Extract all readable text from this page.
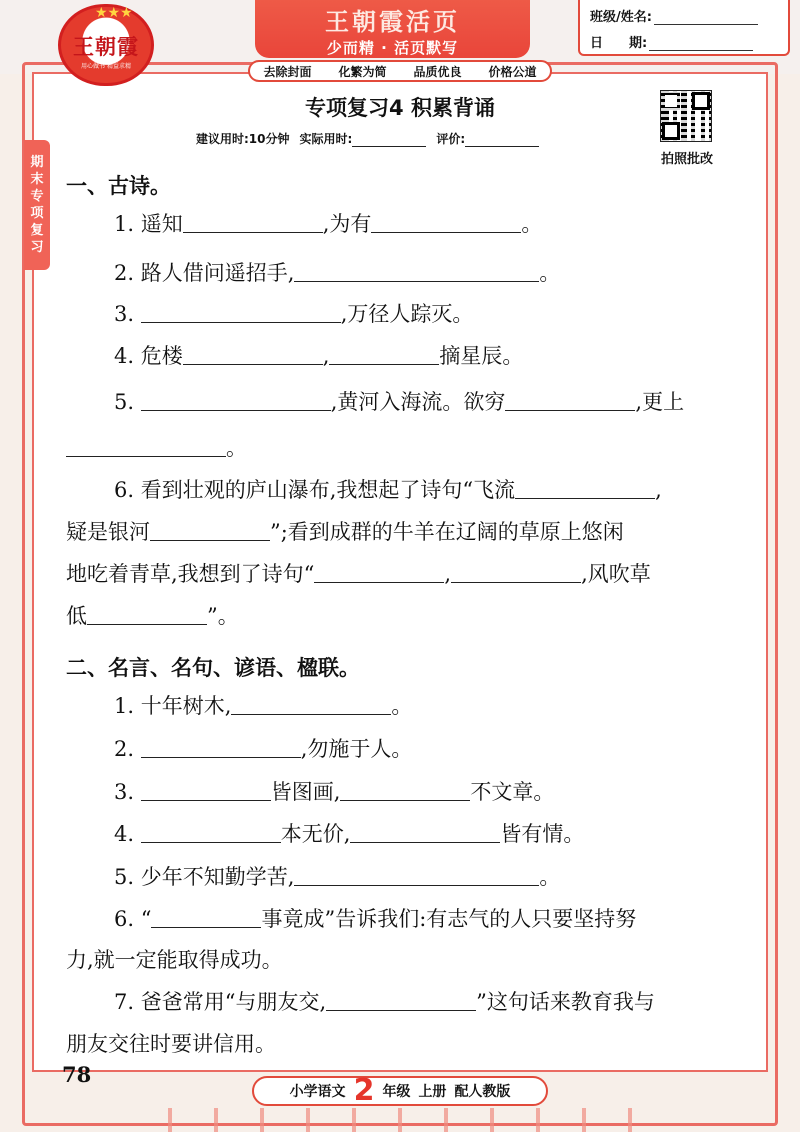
★★★
王朝霞
用心做书 精益求精
王朝霞活页
少而精 · 活页默写
班级/姓名:
日　　期:
去除封面 化繁为简 品质优良 价格公道
期
末
专
项
复
习
专项复习4 积累背诵
建议用时:10分钟 实际用时:	评价:
拍照批改
一、古诗。
1. 遥知	,为有	。
2. 路人借问遥招手,	。
3.	,万径人踪灭。
4. 危楼	,	摘星辰。
5.	,黄河入海流。欲穷	,更上
。
6. 看到壮观的庐山瀑布,我想起了诗句“飞流	,
疑是银河	”;看到成群的牛羊在辽阔的草原上悠闲
地吃着青草,我想到了诗句“	,	,风吹草
低	”。
二、名言、名句、谚语、楹联。
1. 十年树木,	。
2.	,勿施于人。
3.	皆图画,	不文章。
4.	本无价,	皆有情。
5. 少年不知勤学苦,	。
6. “	事竟成”告诉我们:有志气的人只要坚持努
力,就一定能取得成功。
7. 爸爸常用“与朋友交,	”这句话来教育我与
朋友交往时要讲信用。
78
小学语文 2 年级 上册 配人教版
